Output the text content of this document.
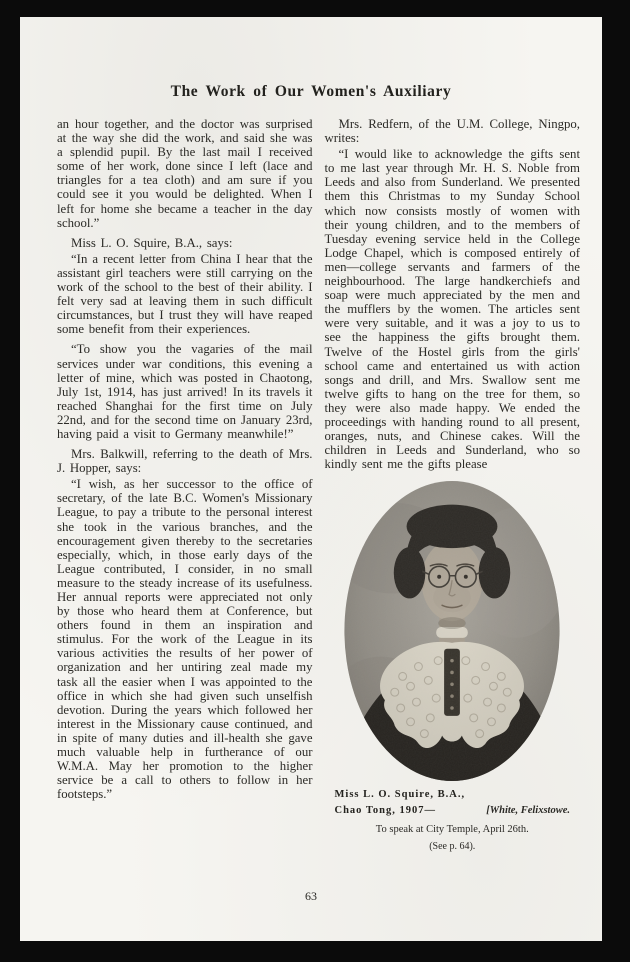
The Work of Our Women's Auxiliary

an hour together, and the doctor was surprised at the way she did the work, and said she was a splendid pupil. By the last mail I received some of her work, done since I left (lace and triangles for a tea cloth) and am sure if you could see it you would be delighted. When I left for home she became a teacher in the day school.”

Miss L. O. Squire, B.A., says:

“In a recent letter from China I hear that the assistant girl teachers were still carrying on the work of the school to the best of their ability. I felt very sad at leaving them in such difficult circumstances, but I trust they will have reaped some benefit from their experiences.

“To show you the vagaries of the mail services under war conditions, this evening a letter of mine, which was posted in Chaotong, July 1st, 1914, has just arrived! In its travels it reached Shanghai for the first time on July 22nd, and for the second time on January 23rd, having paid a visit to Germany meanwhile!”

Mrs. Balkwill, referring to the death of Mrs. J. Hopper, says:

“I wish, as her successor to the office of secretary, of the late B.C. Women's Missionary League, to pay a tribute to the personal interest she took in the various branches, and the encouragement given thereby to the secretaries especially, which, in those early days of the League contributed, I consider, in no small measure to the steady increase of its usefulness. Her annual reports were appreciated not only by those who heard them at Conference, but others found in them an inspiration and stimulus. For the work of the League in its various activities the results of her power of organization and her untiring zeal made my task all the easier when I was appointed to the office in which she had given such unselfish devotion. During the years which followed her interest in the Missionary cause continued, and in spite of many duties and ill-health she gave much valuable help in furtherance of our W.M.A. May her promotion to the higher service be a call to others to follow in her footsteps.”

Mrs. Redfern, of the U.M. College, Ningpo, writes:

“I would like to acknowledge the gifts sent to me last year through Mr. H. S. Noble from Leeds and also from Sunderland. We presented them this Christmas to my Sunday School which now consists mostly of women with their young children, and to the members of Tuesday evening service held in the College Lodge Chapel, which is composed entirely of men—college servants and farmers of the neighbourhood. The large handkerchiefs and soap were much appreciated by the men and the mufflers by the women. The articles sent were very suitable, and it was a joy to us to see the happiness the gifts brought them. Twelve of the Hostel girls from the girls' school came and entertained us with action songs and drill, and Mrs. Swallow sent me twelve gifts to hang on the tree for them, so they were also made happy. We ended the proceedings with handing round to all present, oranges, nuts, and Chinese cakes. Will the children in Leeds and Sunderland, who so kindly sent me the gifts please

Miss L. O. Squire, B.A.,
Chao Tong, 1907—	[White, Felixstowe.
To speak at City Temple, April 26th.
(See p. 64).
63
